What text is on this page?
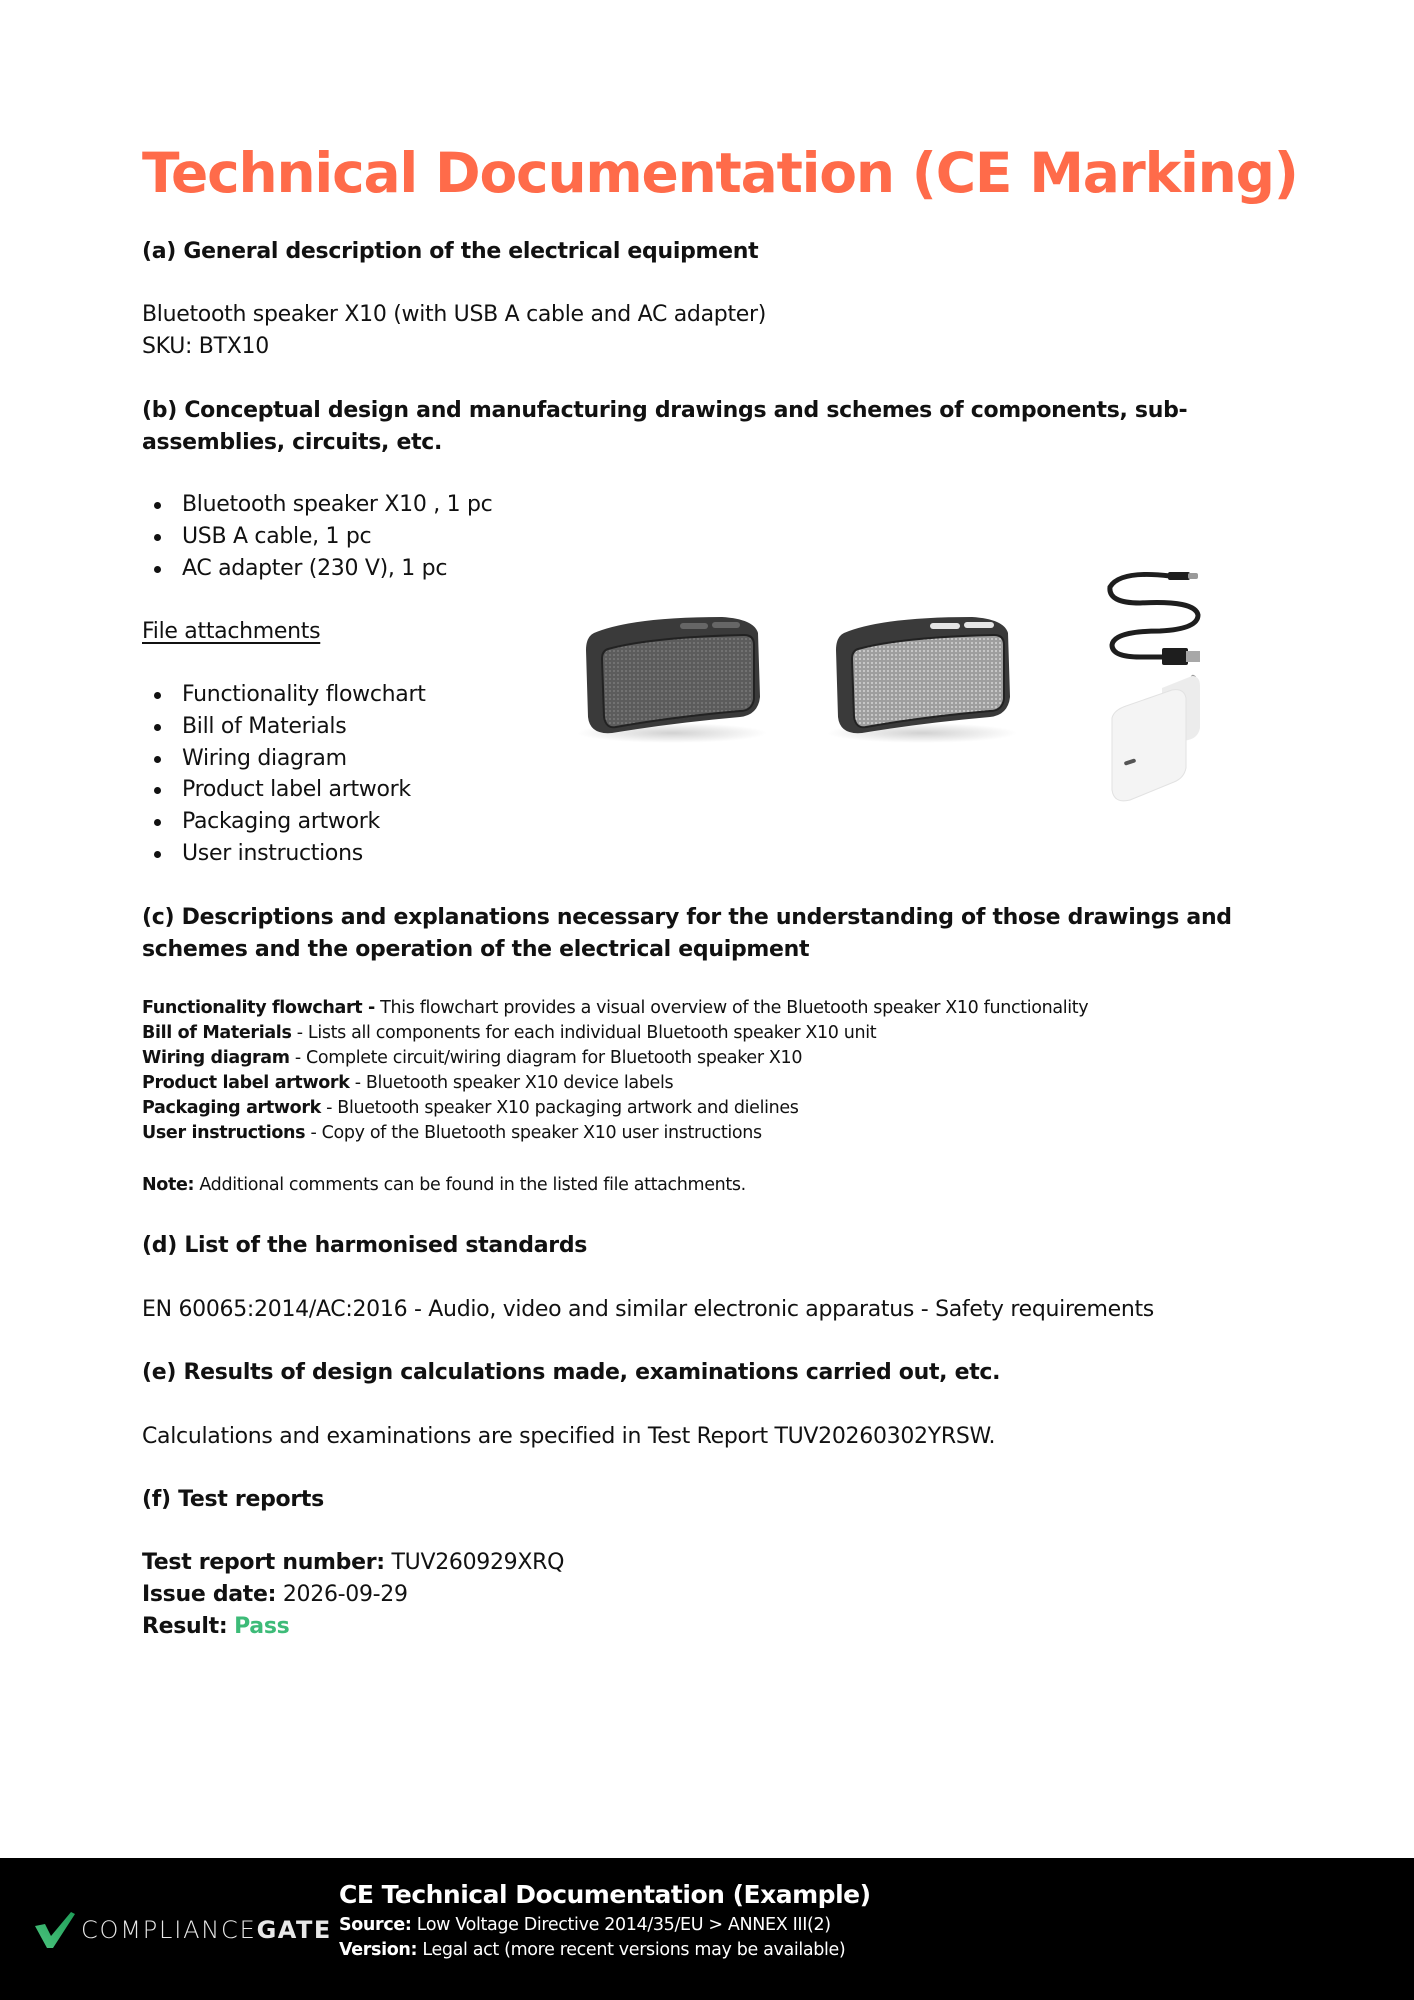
Technical Documentation (CE Marking)
(a) General description of the electrical equipment
Bluetooth speaker X10 (with USB A cable and AC adapter)
SKU: BTX10
(b) Conceptual design and manufacturing drawings and schemes of components, sub-
assemblies, circuits, etc.
Bluetooth speaker X10 , 1 pc
USB A cable, 1 pc
AC adapter (230 V), 1 pc
File attachments
Functionality flowchart
Bill of Materials
Wiring diagram
Product label artwork
Packaging artwork
User instructions
(c) Descriptions and explanations necessary for the understanding of those drawings and
schemes and the operation of the electrical equipment
Functionality flowchart - This flowchart provides a visual overview of the Bluetooth speaker X10 functionality
Bill of Materials - Lists all components for each individual Bluetooth speaker X10 unit
Wiring diagram - Complete circuit/wiring diagram for Bluetooth speaker X10
Product label artwork - Bluetooth speaker X10 device labels
Packaging artwork - Bluetooth speaker X10 packaging artwork and dielines
User instructions - Copy of the Bluetooth speaker X10 user instructions
Note: Additional comments can be found in the listed file attachments.
(d) List of the harmonised standards
EN 60065:2014/AC:2016 - Audio, video and similar electronic apparatus - Safety requirements
(e) Results of design calculations made, examinations carried out, etc.
Calculations and examinations are specified in Test Report TUV20260302YRSW.
(f) Test reports
Test report number: TUV260929XRQ
Issue date: 2026-09-29
Result: Pass
COMPLIANCEGATE
CE Technical Documentation (Example)
Source: Low Voltage Directive 2014/35/EU > ANNEX III(2)
Version: Legal act (more recent versions may be available)
